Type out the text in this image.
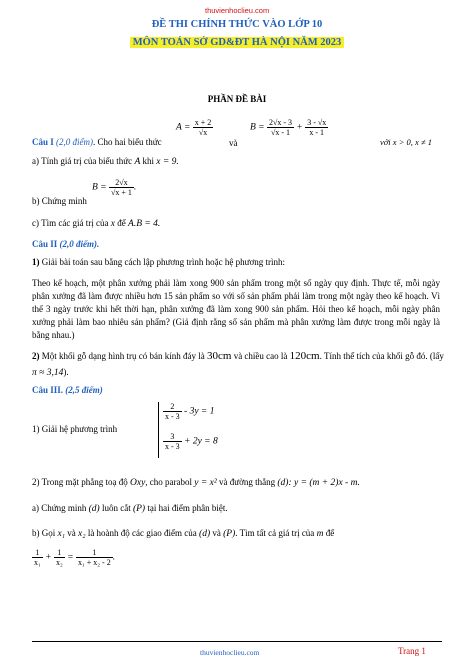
thuvienhoclieu.com
ĐỀ THI CHÍNH THỨC VÀO LỚP 10
MÔN TOÁN SỞ GD&ĐT HÀ NỘI NĂM 2023
PHẦN ĐỀ BÀI
Câu I (2,0 điểm). Cho hai biểu thức
$A = \frac{x + 2}{√x}$
và
$B = \frac{2√x - 3}{√x - 1} + \frac{3 - √x}{x - 1}$
với x > 0, x ≠ 1
a) Tính giá trị của biểu thức A khi x = 9.
b) Chứng minh
$B = \frac{2√x}{√x + 1}$ .
c) Tìm các giá trị của x để A.B = 4.
Câu II (2,0 điểm).
1) Giải bài toán sau bằng cách lập phương trình hoặc hệ phương trình:
Theo kế hoạch, một phân xưởng phải làm xong 900 sản phẩm trong một số ngày quy định. Thực tế, mỗi ngày phân xưởng đã làm được nhiều hơn 15 sản phẩm so với số sản phẩm phải làm trong một ngày theo kế hoạch. Vì thế 3 ngày trước khi hết thời hạn, phân xưởng đã làm xong 900 sản phẩm. Hỏi theo kế hoạch, mỗi ngày phân xưởng phải làm bao nhiêu sản phẩm? (Giả định rằng số sản phẩm mà phân xưởng làm được trong mỗi ngày là bằng nhau.)
2) Một khối gỗ dạng hình trụ có bán kính đáy là 30cm và chiều cao là 120cm. Tính thể tích của khối gỗ đó. (lấy
π ≈ 3,14).
Câu III. (2,5 điểm)
1) Giải hệ phương trình
$\frac{2}{x - 3} - 3y = 1$
$\frac{3}{x - 3} + 2y = 8$
2) Trong mặt phẳng toạ độ Oxy, cho parabol y = x² và đường thẳng (d): y = (m + 2)x - m.
a) Chứng minh (d) luôn cắt (P) tại hai điểm phân biệt.
b) Gọi x₁ và x₂ là hoành độ các giao điểm của (d) và (P). Tìm tất cả giá trị của m để
$\frac{1}{\text{x₁}} + \frac{1}{\text{x₂}} = \frac{1}{\text{x₁ + x₂ - 2}}$ .
thuvienhoclieu.com	Trang 1
